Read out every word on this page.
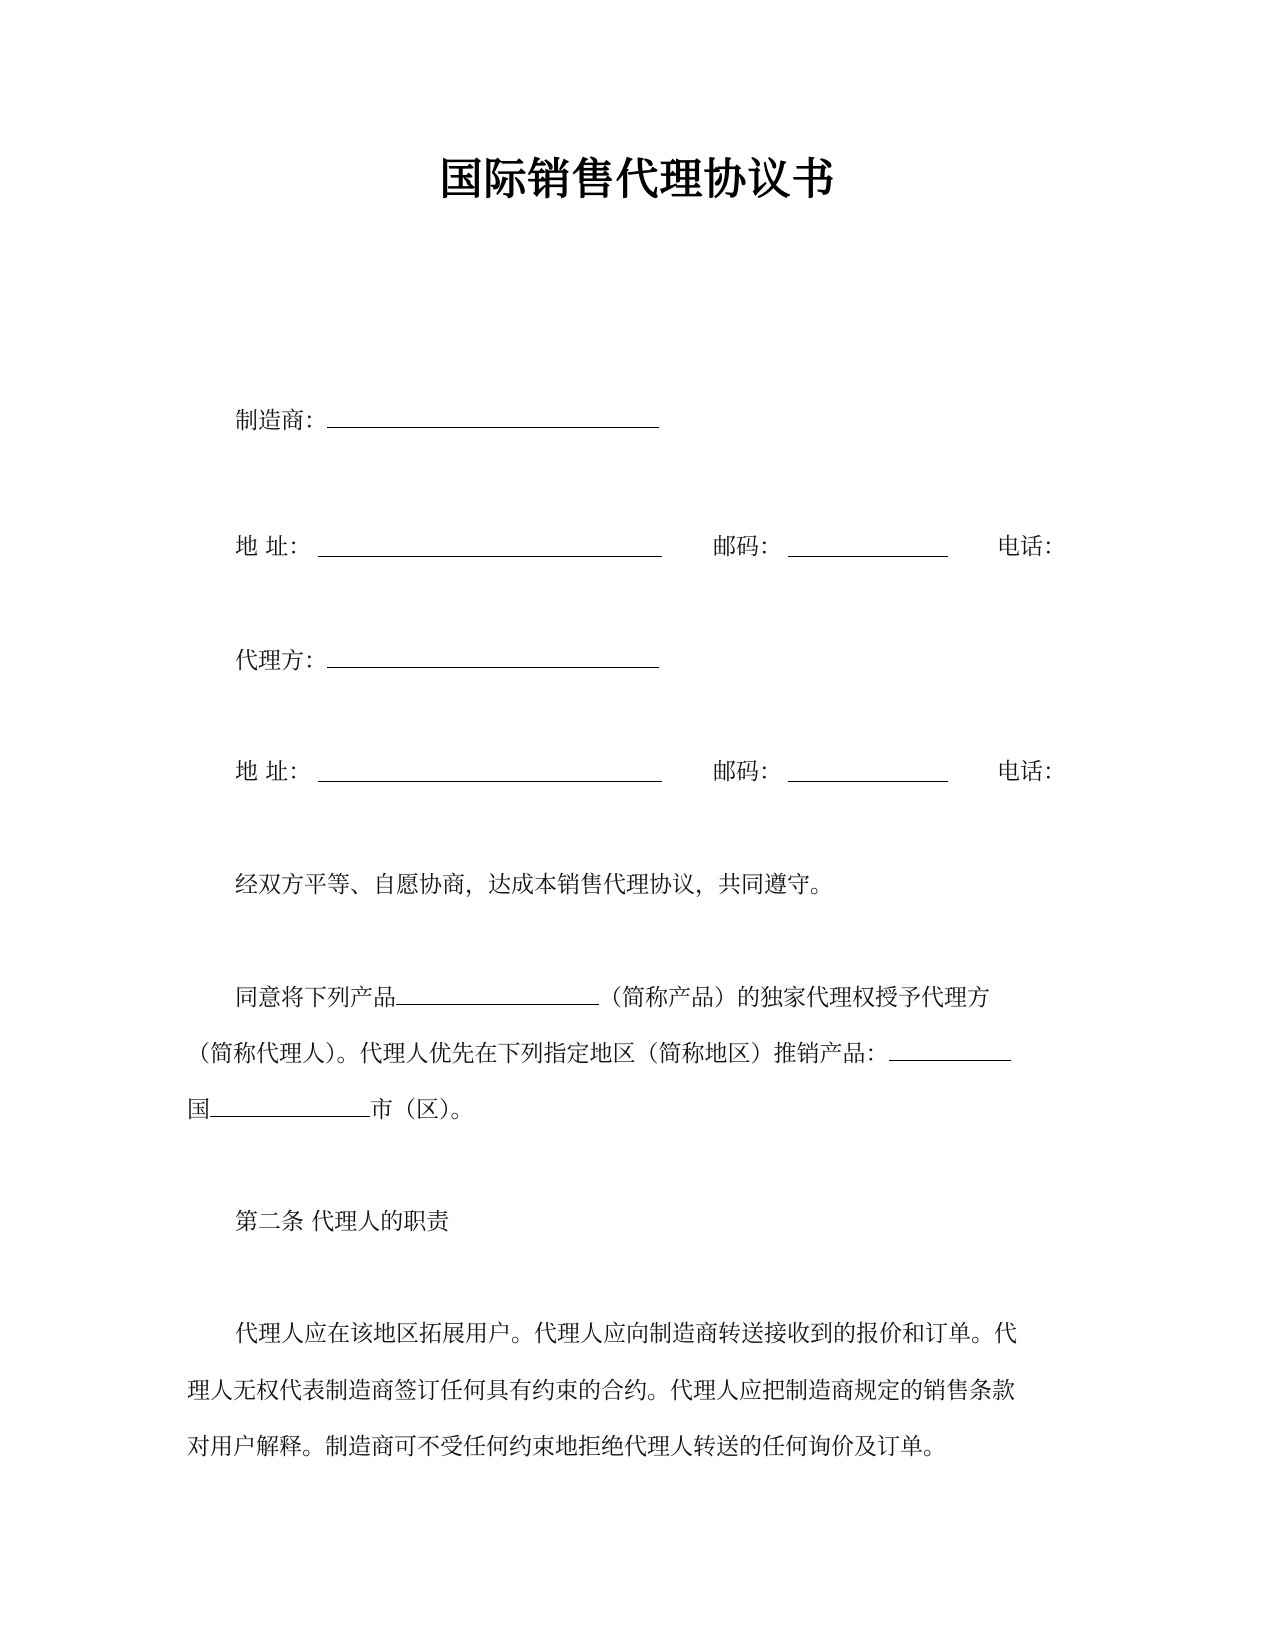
国际销售代理协议书
制造商：
地 址：	邮码：	电话：
代理方：
地 址：	邮码：	电话：
经双方平等、自愿协商，达成本销售代理协议，共同遵守。
同意将下列产品	（简称产品）的独家代理权授予代理方
（简称代理人）。代理人优先在下列指定地区（简称地区）推销产品：
国	市（区）。
第二条 代理人的职责
代理人应在该地区拓展用户。代理人应向制造商转送接收到的报价和订单。代
理人无权代表制造商签订任何具有约束的合约。代理人应把制造商规定的销售条款
对用户解释。制造商可不受任何约束地拒绝代理人转送的任何询价及订单。
